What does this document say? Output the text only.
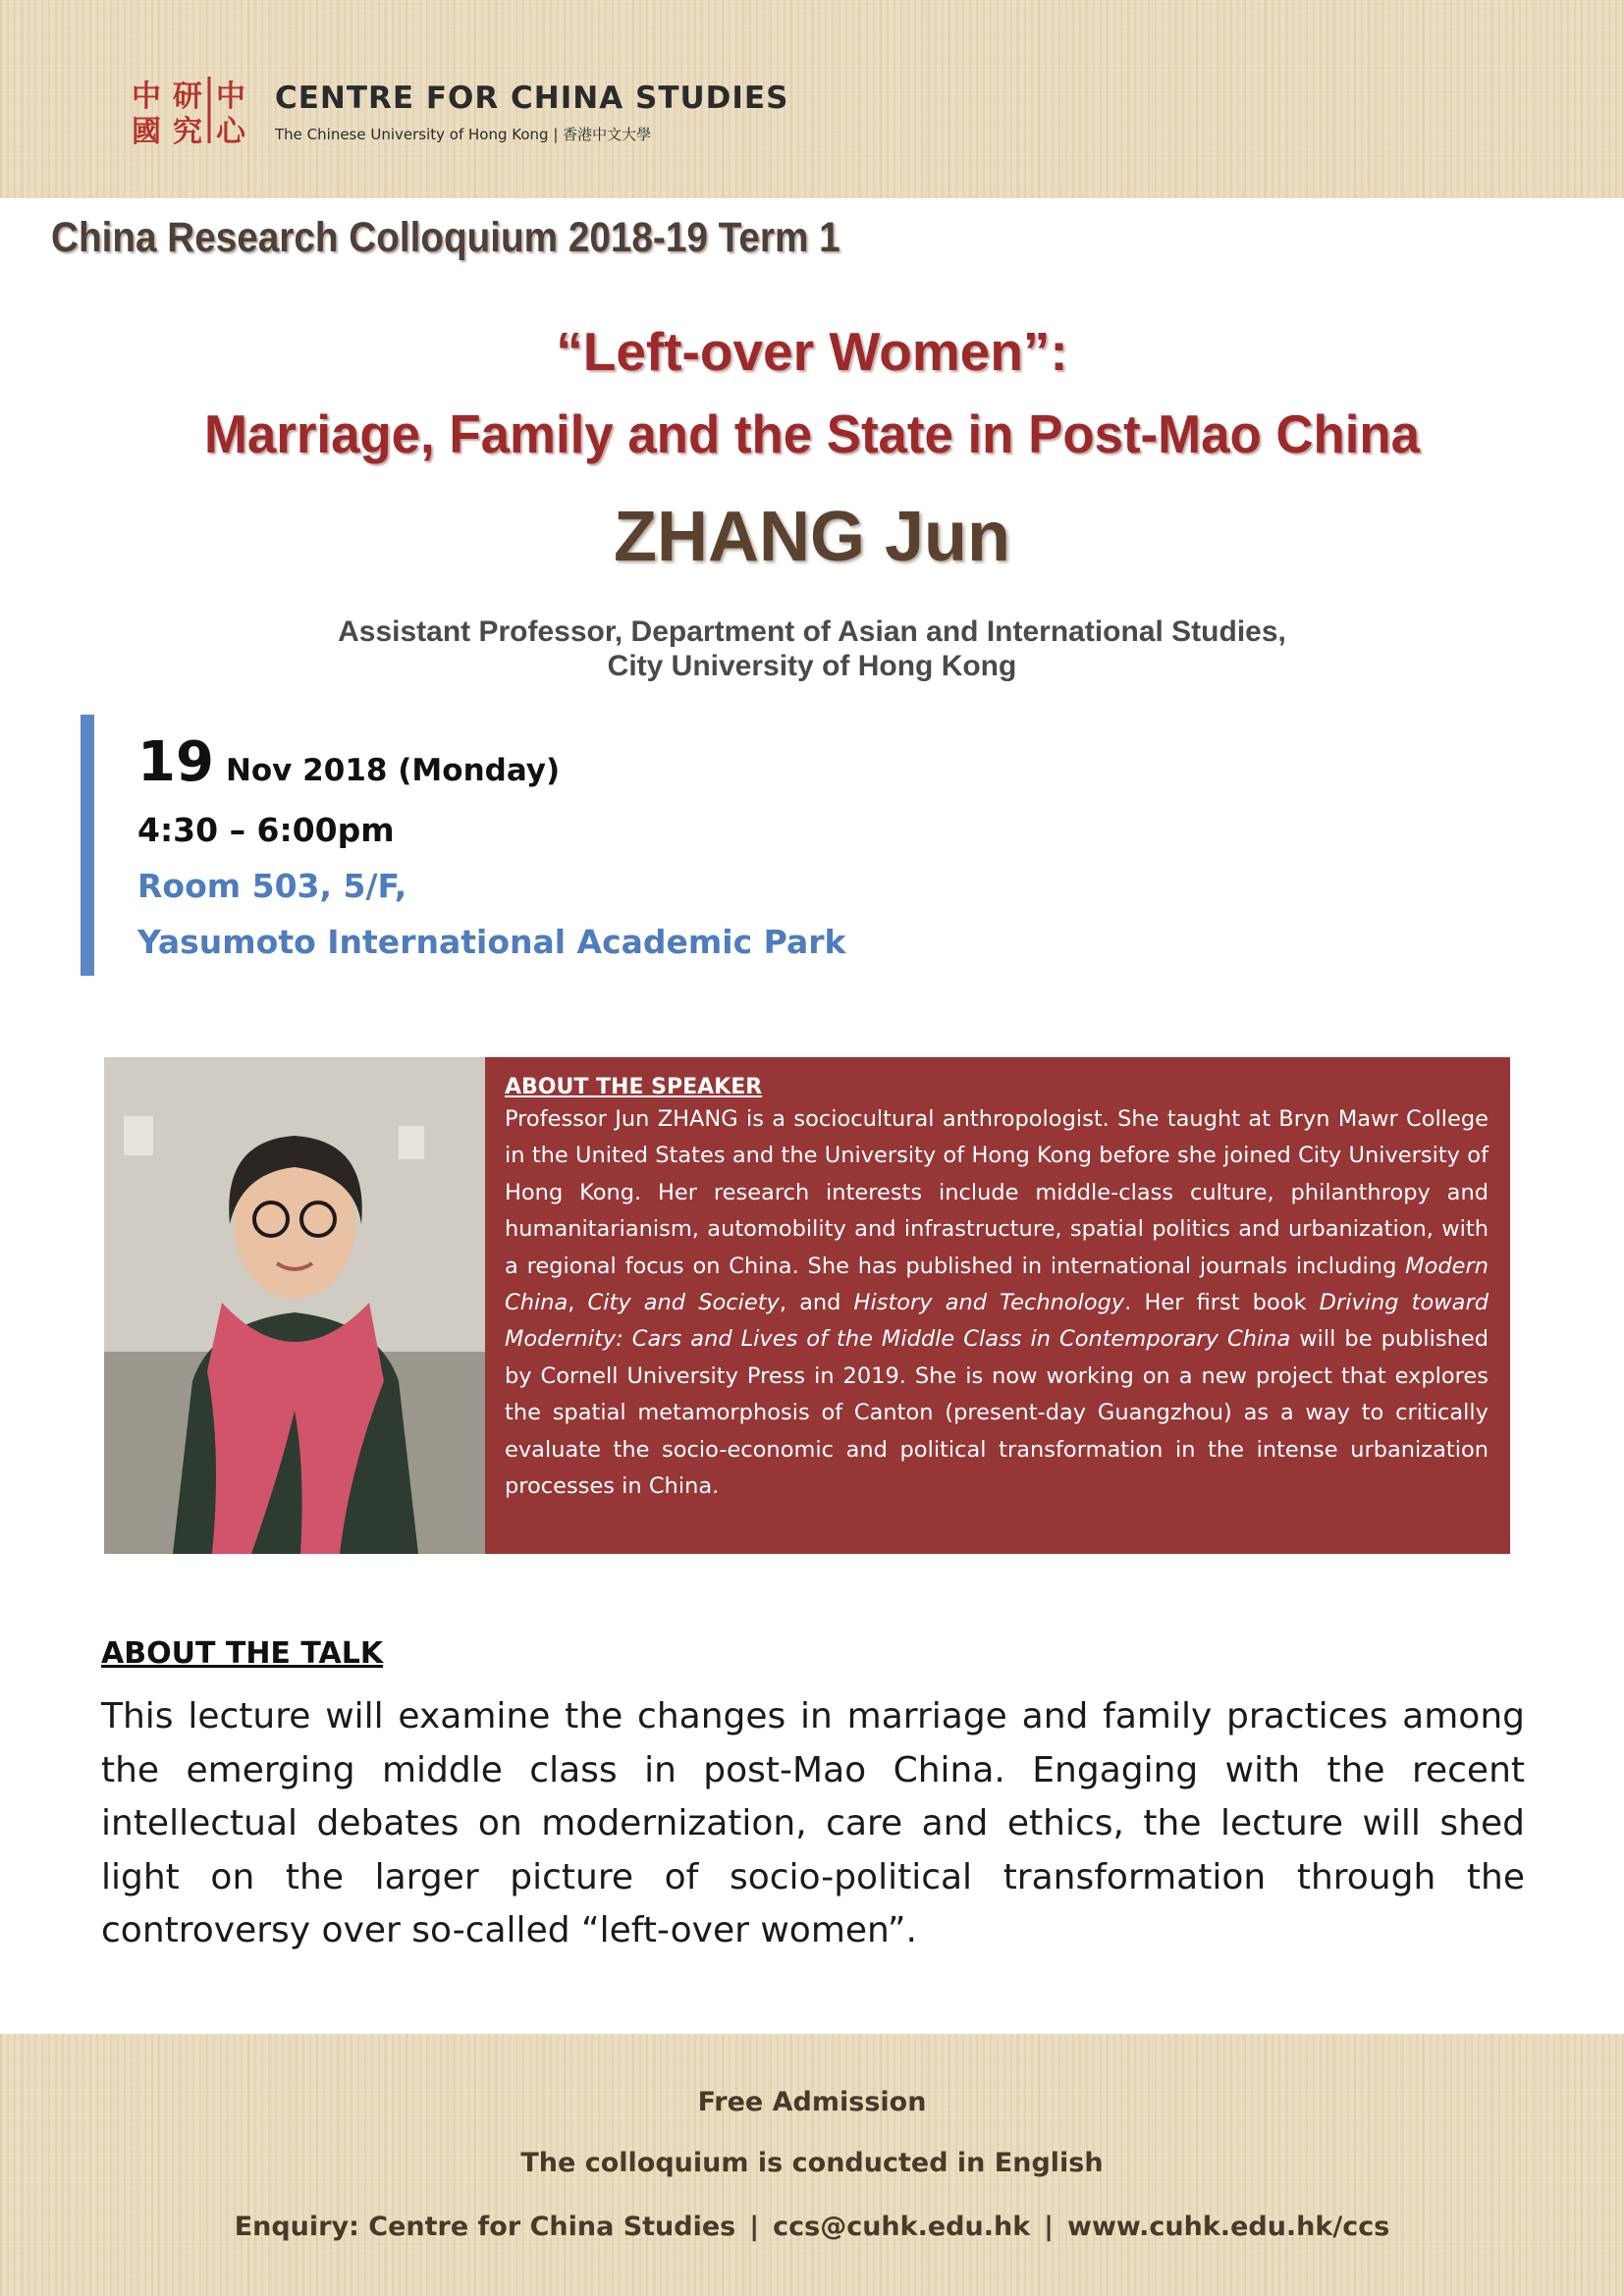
中 研 中
國 究 心
CENTRE FOR CHINA STUDIES
The Chinese University of Hong Kong | 香港中文大學
China Research Colloquium 2018-19 Term 1
“Left-over Women”:
Marriage, Family and the State in Post-Mao China
ZHANG Jun
Assistant Professor, Department of Asian and International Studies,
City University of Hong Kong
19 Nov 2018 (Monday)
4:30 – 6:00pm
Room 503, 5/F,
Yasumoto International Academic Park
ABOUT THE SPEAKER
Professor Jun ZHANG is a sociocultural anthropologist. She taught at Bryn Mawr College in the United States and the University of Hong Kong before she joined City University of Hong Kong. Her research interests include middle-class culture, philanthropy and humanitarianism, automobility and infrastructure, spatial politics and urbanization, with a regional focus on China. She has published in international journals including Modern China, City and Society, and History and Technology. Her first book Driving toward Modernity: Cars and Lives of the Middle Class in Contemporary China will be published by Cornell University Press in 2019. She is now working on a new project that explores the spatial metamorphosis of Canton (present-day Guangzhou) as a way to critically evaluate the socio-economic and political transformation in the intense urbanization processes in China.
ABOUT THE TALK
This lecture will examine the changes in marriage and family practices among the emerging middle class in post-Mao China. Engaging with the recent intellectual debates on modernization, care and ethics, the lecture will shed light on the larger picture of socio-political transformation through the controversy over so-called “left-over women”.
Free Admission
The colloquium is conducted in English
Enquiry: Centre for China Studies | ccs@cuhk.edu.hk | www.cuhk.edu.hk/ccs
